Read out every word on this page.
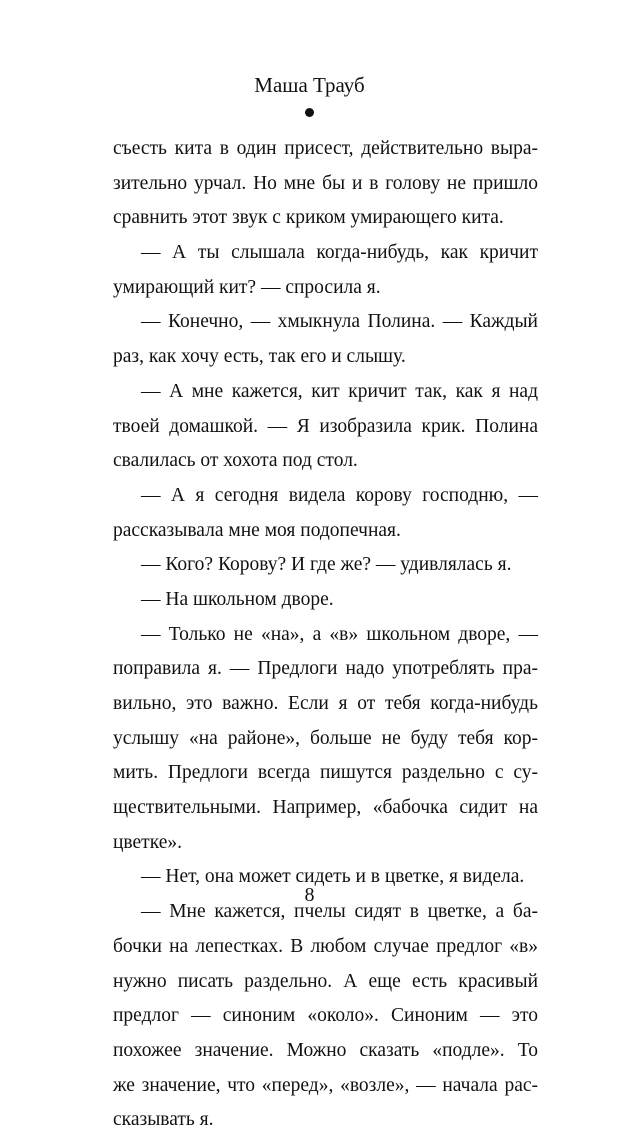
Маша Трауб
съесть кита в один присест, действительно выра-
зительно урчал. Но мне бы и в голову не пришло
сравнить этот звук с криком умирающего кита.
— А ты слышала когда-нибудь, как кричит
умирающий кит? — спросила я.
— Конечно, — хмыкнула Полина. — Каждый
раз, как хочу есть, так его и слышу.
— А мне кажется, кит кричит так, как я над
твоей домашкой. — Я изобразила крик. Полина
свалилась от хохота под стол.
— А я сегодня видела корову господню, —
рассказывала мне моя подопечная.
— Кого? Корову? И где же? — удивлялась я.
— На школьном дворе.
— Только не «на», а «в» школьном дворе, —
поправила я. — Предлоги надо употреблять пра-
вильно, это важно. Если я от тебя когда-нибудь
услышу «на районе», больше не буду тебя кор-
мить. Предлоги всегда пишутся раздельно с су-
ществительными. Например, «бабочка сидит на
цветке».
— Нет, она может сидеть и в цветке, я видела.
— Мне кажется, пчелы сидят в цветке, а ба-
бочки на лепестках. В любом случае предлог «в»
нужно писать раздельно. А еще есть красивый
предлог — синоним «около». Синоним — это
похожее значение. Можно сказать «подле». То
же значение, что «перед», «возле», — начала рас-
сказывать я.
8
